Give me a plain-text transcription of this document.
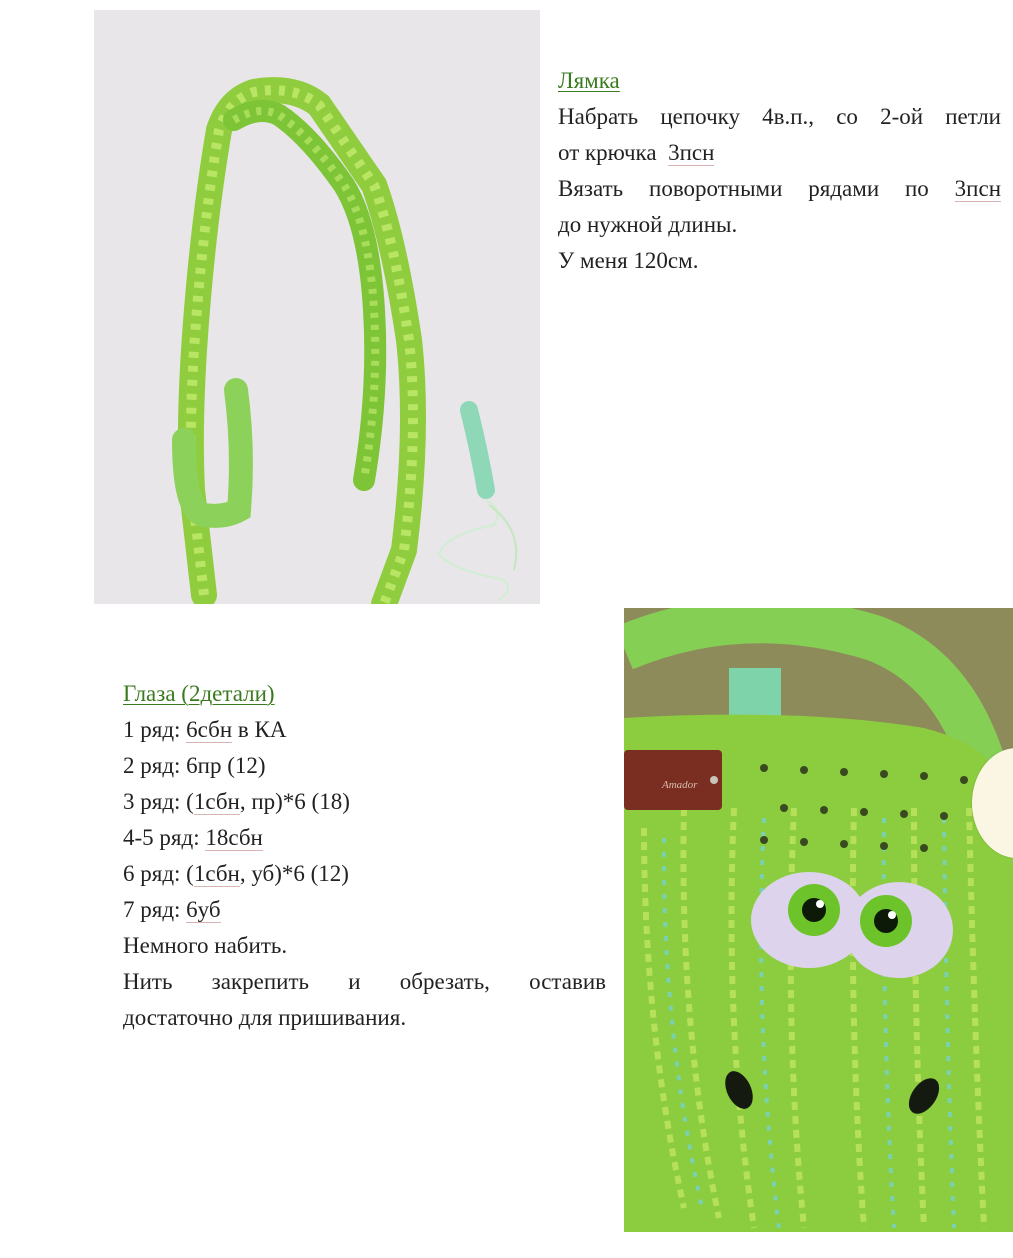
Лямка
Набрать цепочку 4в.п., со 2-ой петли
от крючка 3псн
Вязать поворотными рядами по 3псн
до нужной длины.
У меня 120см.
Глаза (2детали)
1 ряд: 6сбн в КА
2 ряд: 6пр (12)
3 ряд: (1сбн, пр)*6 (18)
4-5 ряд: 18сбн
6 ряд: (1сбн, уб)*6 (12)
7 ряд: 6уб
Немного набить.
Нить закрепить и обрезать, оставив
достаточно для пришивания.
Amador
